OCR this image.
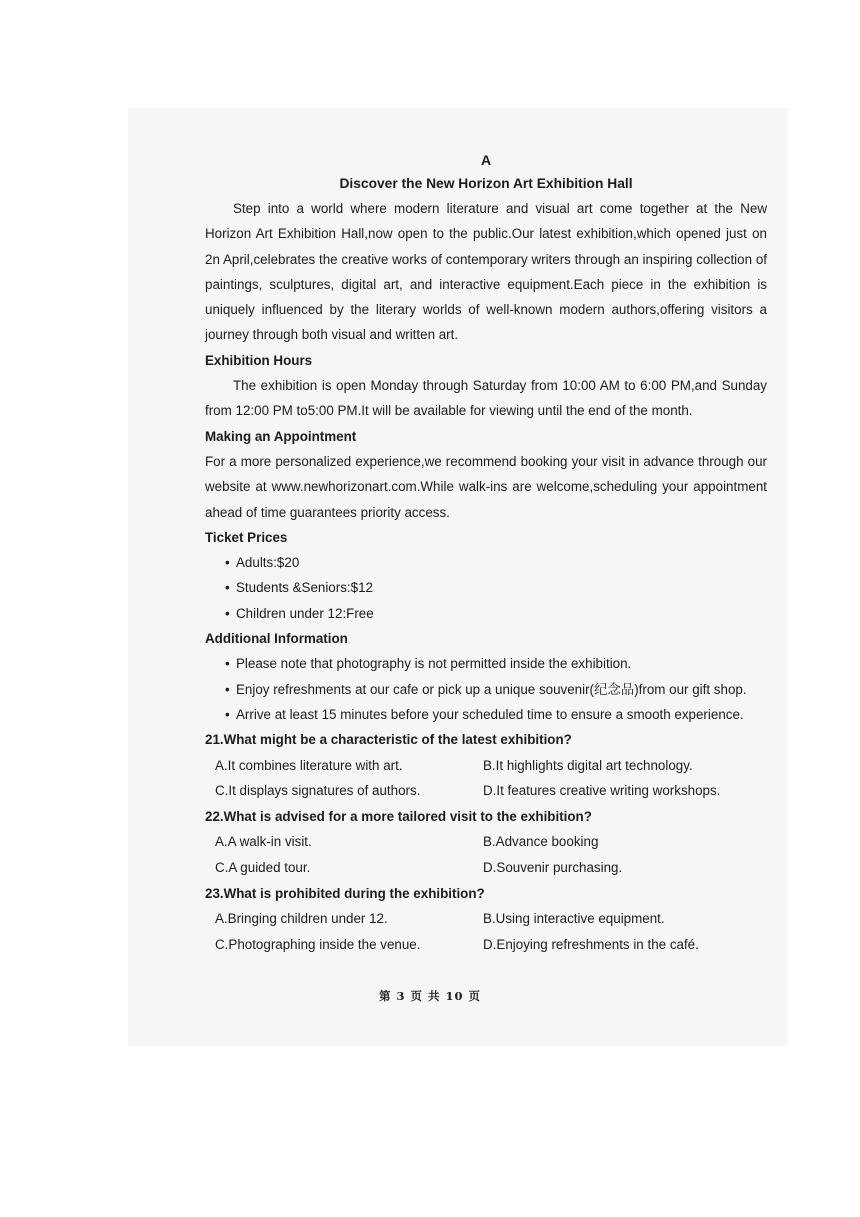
A

Discover the New Horizon Art Exhibition Hall

Step into a world where modern literature and visual art come together at the New Horizon Art Exhibition Hall,now open to the public.Our latest exhibition,which opened just on 2n April,celebrates the creative works of contemporary writers through an inspiring collection of paintings, sculptures, digital art, and interactive equipment.Each piece in the exhibition is uniquely influenced by the literary worlds of well-known modern authors,offering visitors a journey through both visual and written art.

Exhibition Hours

The exhibition is open Monday through Saturday from 10:00 AM to 6:00 PM,and Sunday from 12:00 PM to5:00 PM.It will be available for viewing until the end of the month.

Making an Appointment

For a more personalized experience,we recommend booking your visit in advance through our website at www.newhorizonart.com.While walk-ins are welcome,scheduling your appointment ahead of time guarantees priority access.

Ticket Prices

• Adults:$20
• Students &Seniors:$12
• Children under 12:Free

Additional Information

• Please note that photography is not permitted inside the exhibition.
• Enjoy refreshments at our cafe or pick up a unique souvenir(纪念品)from our gift shop.
• Arrive at least 15 minutes before your scheduled time to ensure a smooth experience.

21.What might be a characteristic of the latest exhibition?

A.It combines literature with art.	B.It highlights digital art technology.
C.It displays signatures of authors.	D.It features creative writing workshops.

22.What is advised for a more tailored visit to the exhibition?

A.A walk-in visit.	B.Advance booking
C.A guided tour.	D.Souvenir purchasing.

23.What is prohibited during the exhibition?

A.Bringing children under 12.	B.Using interactive equipment.
C.Photographing inside the venue.	D.Enjoying refreshments in the café.
第 3 页 共 10 页
